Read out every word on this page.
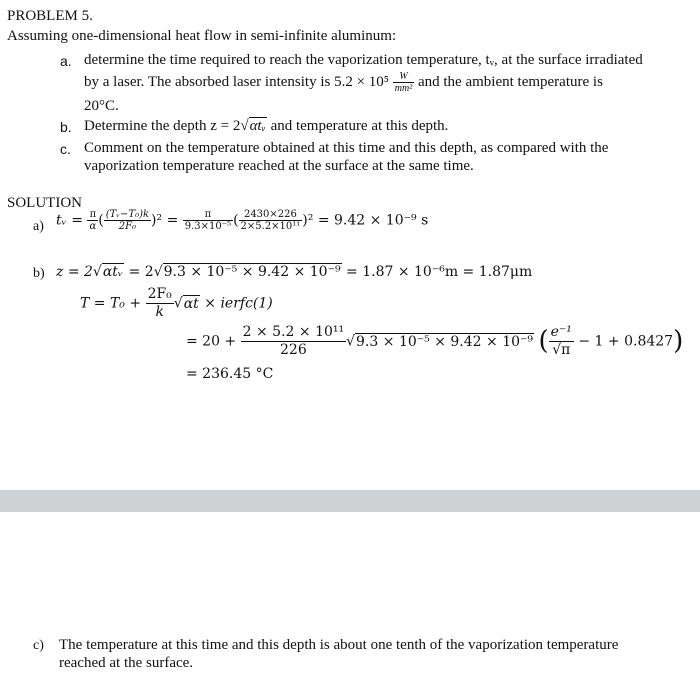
PROBLEM 5.
Assuming one-dimensional heat flow in semi-infinite aluminum:
a. determine the time required to reach the vaporization temperature, tᵥ, at the surface irradiated
by a laser. The absorbed laser intensity is $5.2 \times 10^5 \frac{W}{\text{mm²}}$ and the ambient temperature is
20°C.
b. Determine the depth z = 2√αtᵥ and temperature at this depth.
c. Comment on the temperature obtained at this time and this depth, as compared with the
vaporization temperature reached at the surface at the same time.
SOLUTION
a) tᵥ = $\frac{\pi}{\alpha}$ ( $\frac{\text{(Tᵥ−T₀)k}}{\text{2F₀}} )^2 = \frac{\pi}{\text{9.3×10⁻⁵}}$ ( $\frac{2430\times 226}{\text{2×5.2×10¹¹}} )^2 = 9.42 \times 10^{-9}$ s
b) z = 2√αtᵥ = 2√9.3 × 10⁻⁵ × 9.42 × 10⁻⁹ = 1.87 × 10⁻⁶m = 1.87μm
$T = T_0 + \frac{\text{2F₀}}{k} √\alpha t$ × ierfc(1)
= $20 + \frac{\text{2 × 5.2 × 10¹¹}}{226} √9.3 \times 10^{-5} \times 9.42 \times 10^{-9}$ ( $\frac{\text{e⁻¹}}{√\pi} - 1 + 0.8427$)
= 236.45 °C
c) The temperature at this time and this depth is about one tenth of the vaporization temperature
reached at the surface.
